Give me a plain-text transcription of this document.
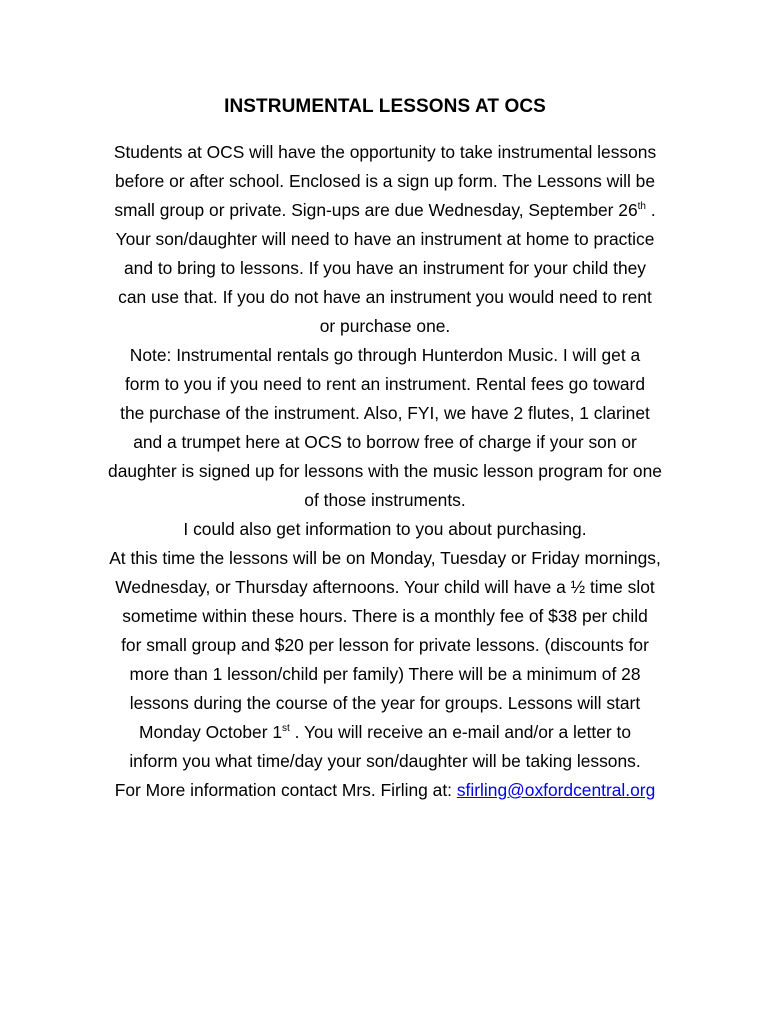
INSTRUMENTAL LESSONS AT OCS
Students at OCS will have the opportunity to take instrumental lessons
before or after school. Enclosed is a sign up form. The Lessons will be
small group or private. Sign-ups are due Wednesday, September 26th .
Your son/daughter will need to have an instrument at home to practice
and to bring to lessons. If you have an instrument for your child they
can use that. If you do not have an instrument you would need to rent
or purchase one.
Note: Instrumental rentals go through Hunterdon Music. I will get a
form to you if you need to rent an instrument. Rental fees go toward
the purchase of the instrument. Also, FYI, we have 2 flutes, 1 clarinet
and a trumpet here at OCS to borrow free of charge if your son or
daughter is signed up for lessons with the music lesson program for one
of those instruments.
I could also get information to you about purchasing.
At this time the lessons will be on Monday, Tuesday or Friday mornings,
Wednesday, or Thursday afternoons. Your child will have a ½ time slot
sometime within these hours. There is a monthly fee of $38 per child
for small group and $20 per lesson for private lessons. (discounts for
more than 1 lesson/child per family) There will be a minimum of 28
lessons during the course of the year for groups. Lessons will start
Monday October 1st . You will receive an e-mail and/or a letter to
inform you what time/day your son/daughter will be taking lessons.
For More information contact Mrs. Firling at: sfirling@oxfordcentral.org
